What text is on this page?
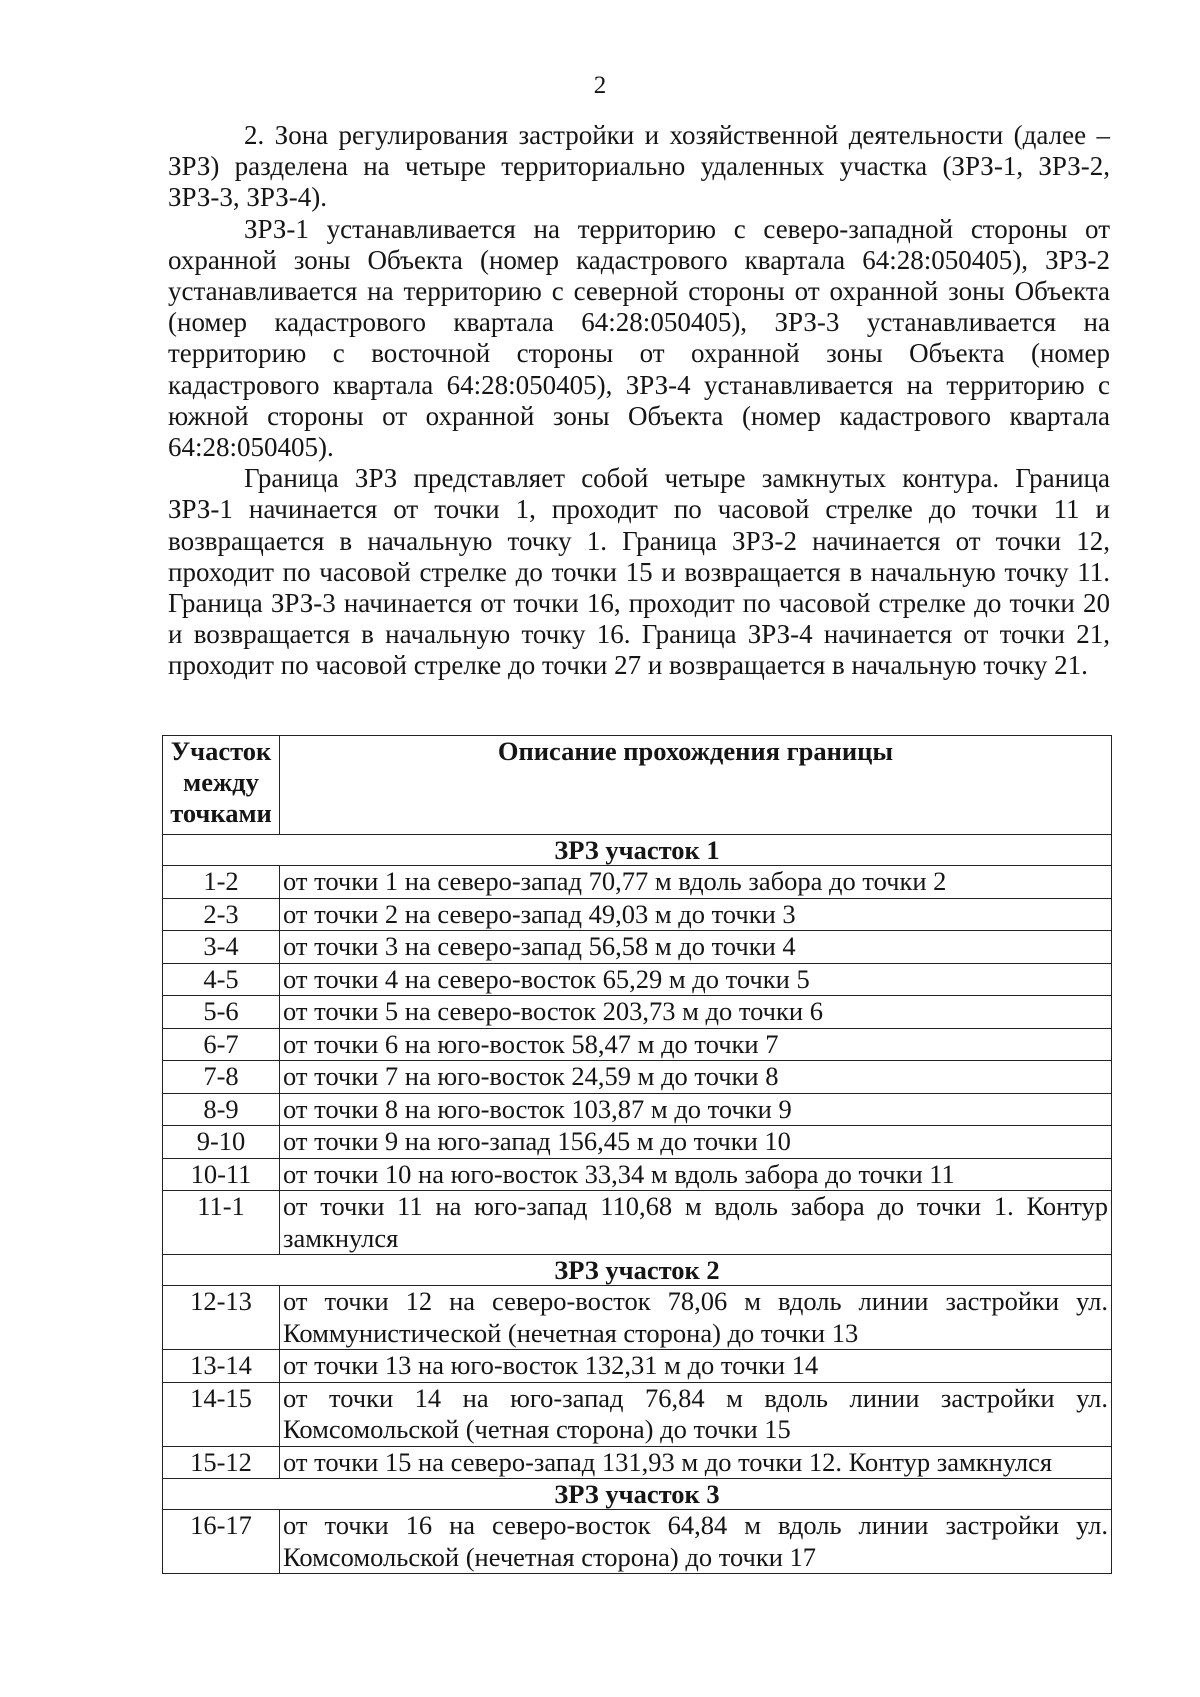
2

2. Зона регулирования застройки и хозяйственной деятельности (далее – ЗРЗ) разделена на четыре территориально удаленных участка (ЗРЗ-1, ЗРЗ-2, ЗРЗ-3, ЗРЗ-4).

ЗРЗ-1 устанавливается на территорию с северо-западной стороны от охранной зоны Объекта (номер кадастрового квартала 64:28:050405), ЗРЗ-2 устанавливается на территорию с северной стороны от охранной зоны Объекта (номер кадастрового квартала 64:28:050405), ЗРЗ-3 устанавливается на территорию с восточной стороны от охранной зоны Объекта (номер кадастрового квартала 64:28:050405), ЗРЗ-4 устанавливается на территорию с южной стороны от охранной зоны Объекта (номер кадастрового квартала 64:28:050405).

Граница ЗРЗ представляет собой четыре замкнутых контура. Граница ЗРЗ-1 начинается от точки 1, проходит по часовой стрелке до точки 11 и возвращается в начальную точку 1. Граница ЗРЗ-2 начинается от точки 12, проходит по часовой стрелке до точки 15 и возвращается в начальную точку 11. Граница ЗРЗ-3 начинается от точки 16, проходит по часовой стрелке до точки 20 и возвращается в начальную точку 16. Граница ЗРЗ-4 начинается от точки 21, проходит по часовой стрелке до точки 27 и возвращается в начальную точку 21.

Участок между точками	Описание прохождения границы
ЗРЗ участок 1	
1-2	от точки 1 на северо-запад 70,77 м вдоль забора до точки 2
2-3	от точки 2 на северо-запад 49,03 м до точки 3
3-4	от точки 3 на северо-запад 56,58 м до точки 4
4-5	от точки 4 на северо-восток 65,29 м до точки 5
5-6	от точки 5 на северо-восток 203,73 м до точки 6
6-7	от точки 6 на юго-восток 58,47 м до точки 7
7-8	от точки 7 на юго-восток 24,59 м до точки 8
8-9	от точки 8 на юго-восток 103,87 м до точки 9
9-10	от точки 9 на юго-запад 156,45 м до точки 10
10-11	от точки 10 на юго-восток 33,34 м вдоль забора до точки 11
11-1	от точки 11 на юго-запад 110,68 м вдоль забора до точки 1. Контур замкнулся
ЗРЗ участок 2	
12-13	от точки 12 на северо-восток 78,06 м вдоль линии застройки ул. Коммунистической (нечетная сторона) до точки 13
13-14	от точки 13 на юго-восток 132,31 м до точки 14
14-15	от точки 14 на юго-запад 76,84 м вдоль линии застройки ул. Комсомольской (четная сторона) до точки 15
15-12	от точки 15 на северо-запад 131,93 м до точки 12. Контур замкнулся
ЗРЗ участок 3	
16-17	от точки 16 на северо-восток 64,84 м вдоль линии застройки ул. Комсомольской (нечетная сторона) до точки 17
